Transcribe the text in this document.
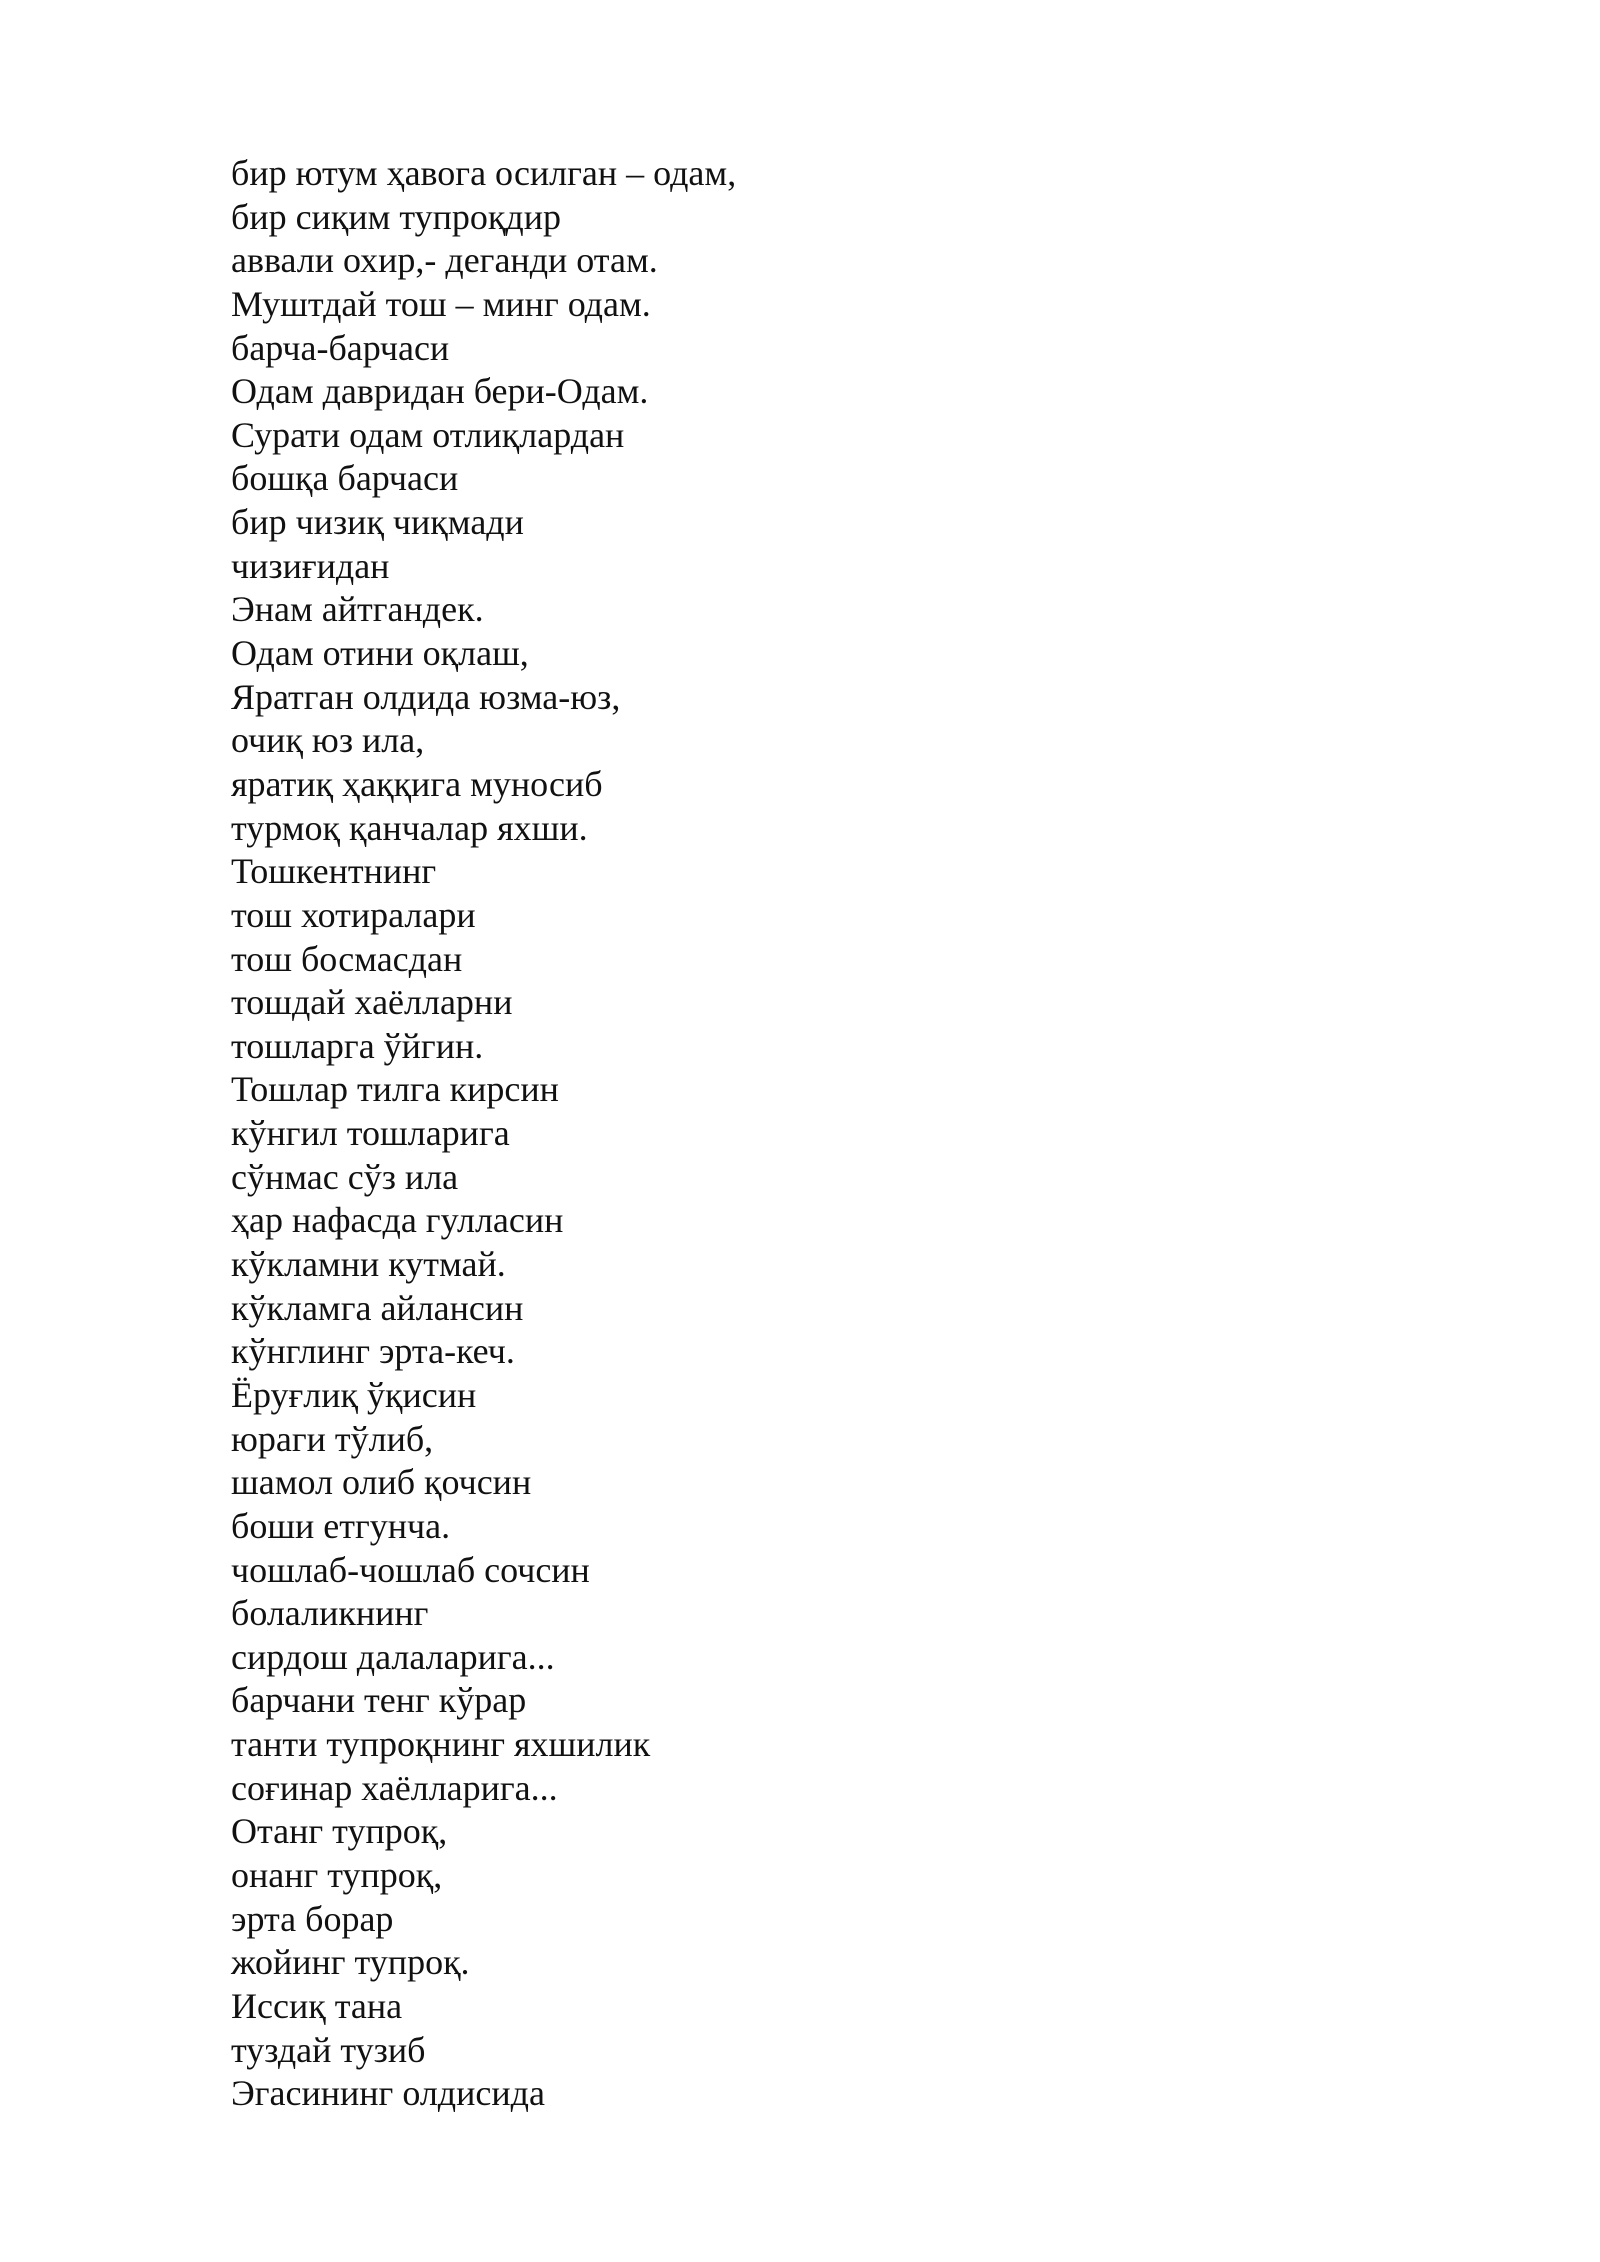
бир ютум ҳавога осилган – одам,
бир сиқим тупроқдир
аввали охир,- деганди отам.
Муштдай тош – минг одам.
барча-барчаси
Одам давридан бери-Одам.
Сурати одам отлиқлардан
бошқа барчаси
бир чизиқ чиқмади
чизиғидан
Энам айтгандек.
Одам отини оқлаш,
Яратган олдида юзма-юз,
очиқ юз ила,
яратиқ ҳаққига муносиб
турмоқ қанчалар яхши.
Тошкентнинг
тош хотиралари
тош босмасдан
тошдай хаёлларни
тошларга ўйгин.
Тошлар тилга кирсин
кўнгил тошларига
сўнмас сўз ила
ҳар нафасда гулласин
кўкламни кутмай.
кўкламга айлансин
кўнглинг эрта-кеч.
Ёруғлиқ ўқисин
юраги тўлиб,
шамол олиб қочсин
боши етгунча.
чошлаб-чошлаб сочсин
болаликнинг
сирдош далаларига...
барчани тенг кўрар
танти тупроқнинг яхшилик
соғинар хаёлларига...
Отанг тупроқ,
онанг тупроқ,
эрта борар
жойинг тупроқ.
Иссиқ тана
туздай тузиб
Эгасининг олдисида
